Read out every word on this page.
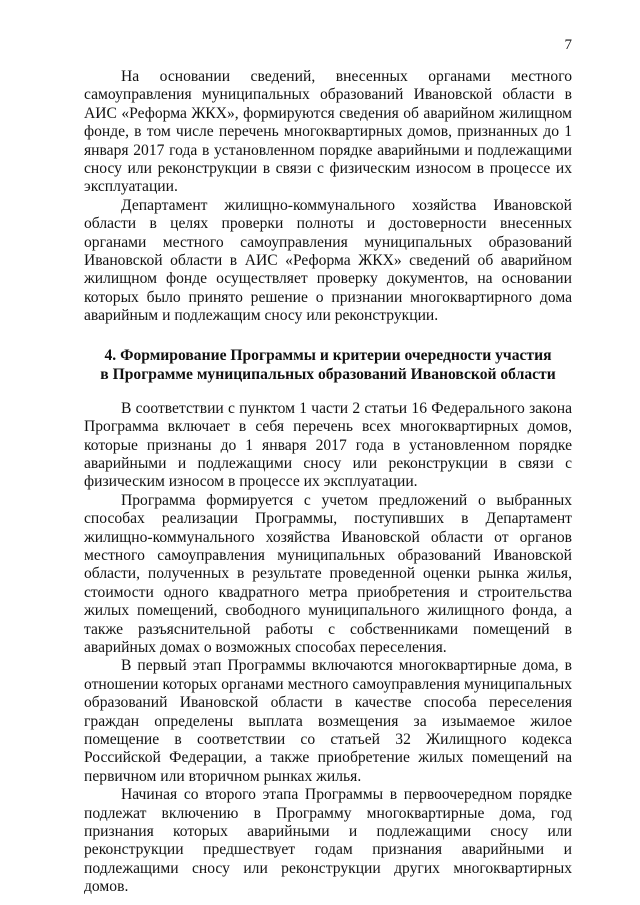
7

На основании сведений, внесенных органами местного самоуправления муниципальных образований Ивановской области в АИС «Реформа ЖКХ», формируются сведения об аварийном жилищном фонде, в том числе перечень многоквартирных домов, признанных до 1 января 2017 года в установленном порядке аварийными и подлежащими сносу или реконструкции в связи с физическим износом в процессе их эксплуатации.

Департамент жилищно-коммунального хозяйства Ивановской области в целях проверки полноты и достоверности внесенных органами местного самоуправления муниципальных образований Ивановской области в АИС «Реформа ЖКХ» сведений об аварийном жилищном фонде осуществляет проверку документов, на основании которых было принято решение о признании многоквартирного дома аварийным и подлежащим сносу или реконструкции.

4. Формирование Программы и критерии очередности участия
в Программе муниципальных образований Ивановской области

В соответствии с пунктом 1 части 2 статьи 16 Федерального закона Программа включает в себя перечень всех многоквартирных домов, которые признаны до 1 января 2017 года в установленном порядке аварийными и подлежащими сносу или реконструкции в связи с физическим износом в процессе их эксплуатации.

Программа формируется с учетом предложений о выбранных способах реализации Программы, поступивших в Департамент жилищно-коммунального хозяйства Ивановской области от органов местного самоуправления муниципальных образований Ивановской области, полученных в результате проведенной оценки рынка жилья, стоимости одного квадратного метра приобретения и строительства жилых помещений, свободного муниципального жилищного фонда, а также разъяснительной работы с собственниками помещений в аварийных домах о возможных способах переселения.

В первый этап Программы включаются многоквартирные дома, в отношении которых органами местного самоуправления муниципальных образований Ивановской области в качестве способа переселения граждан определены выплата возмещения за изымаемое жилое помещение в соответствии со статьей 32 Жилищного кодекса Российской Федерации, а также приобретение жилых помещений на первичном или вторичном рынках жилья.

Начиная со второго этапа Программы в первоочередном порядке подлежат включению в Программу многоквартирные дома, год признания которых аварийными и подлежащими сносу или реконструкции предшествует годам признания аварийными и подлежащими сносу или реконструкции других многоквартирных домов.
